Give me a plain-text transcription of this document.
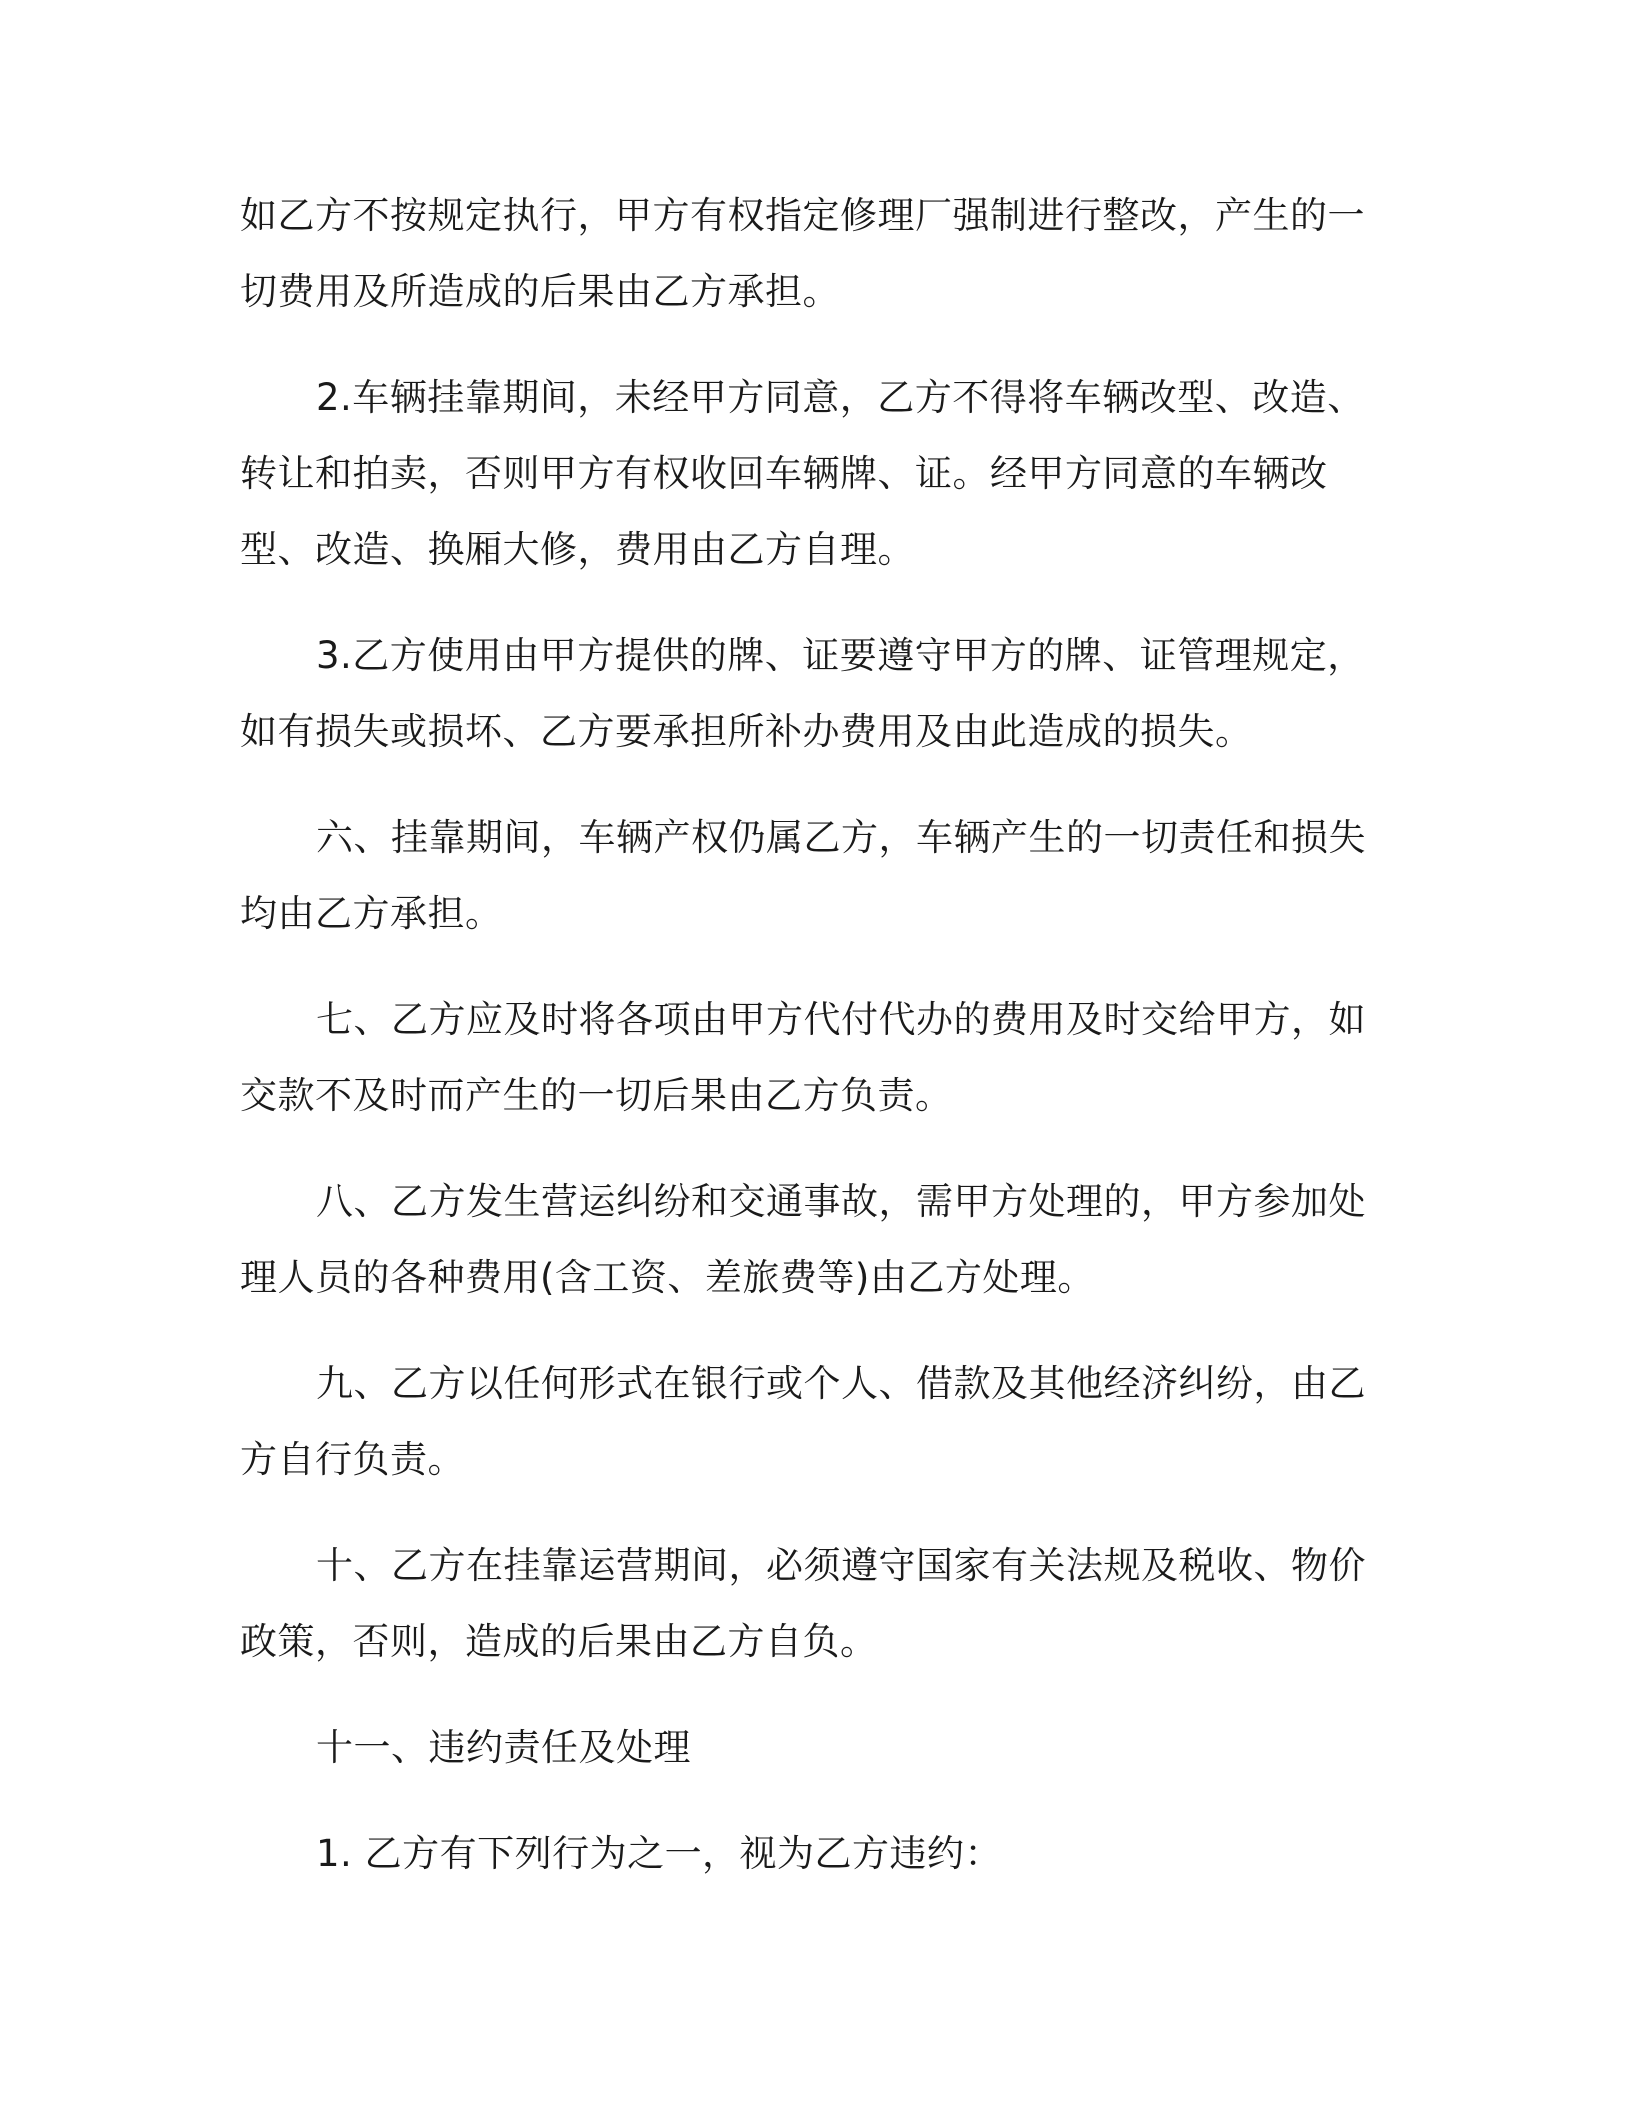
如乙方不按规定执行，甲方有权指定修理厂强制进行整改，产生的一切费用及所造成的后果由乙方承担。

2.车辆挂靠期间，未经甲方同意，乙方不得将车辆改型、改造、转让和拍卖，否则甲方有权收回车辆牌、证。经甲方同意的车辆改型、改造、换厢大修，费用由乙方自理。

3.乙方使用由甲方提供的牌、证要遵守甲方的牌、证管理规定，如有损失或损坏、乙方要承担所补办费用及由此造成的损失。

六、挂靠期间，车辆产权仍属乙方，车辆产生的一切责任和损失均由乙方承担。

七、乙方应及时将各项由甲方代付代办的费用及时交给甲方，如交款不及时而产生的一切后果由乙方负责。

八、乙方发生营运纠纷和交通事故，需甲方处理的，甲方参加处理人员的各种费用(含工资、差旅费等)由乙方处理。

九、乙方以任何形式在银行或个人、借款及其他经济纠纷，由乙方自行负责。

十、乙方在挂靠运营期间，必须遵守国家有关法规及税收、物价政策，否则，造成的后果由乙方自负。

十一、违约责任及处理

1. 乙方有下列行为之一，视为乙方违约：
